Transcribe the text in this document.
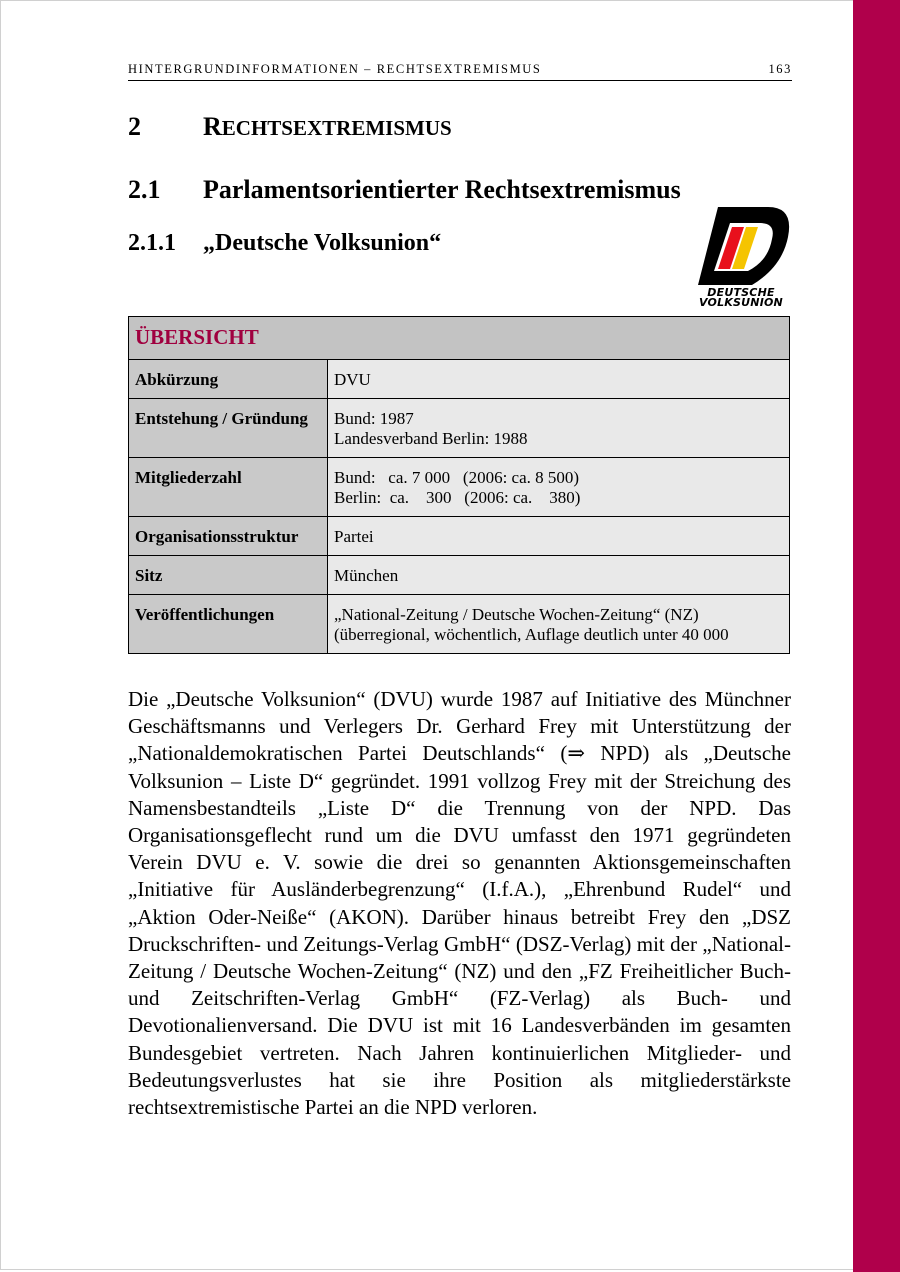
HINTERGRUNDINFORMATIONEN – RECHTSEXTREMISMUS	163
2	RECHTSEXTREMISMUS
2.1	Parlamentsorientierter Rechtsextremismus
2.1.1	„Deutsche Volksunion“
DEUTSCHE
VOLKSUNION
ÜBERSICHT	
Abkürzung	DVU

Entstehung / Gründung	Bund: 1987
Landesverband Berlin: 1988

Mitgliederzahl	Bund:   ca. 7 000   (2006: ca. 8 500)
Berlin:  ca.    300   (2006: ca.    380)

Organisationsstruktur	Partei

Sitz	München

Veröffentlichungen	„National-Zeitung / Deutsche Wochen-Zeitung“ (NZ)
(überregional, wöchentlich, Auflage deutlich unter 40 000
Die „Deutsche Volksunion“ (DVU) wurde 1987 auf Initiative des Münchner Geschäftsmanns und Verlegers Dr. Gerhard Frey mit Unterstützung der „Nationaldemokratischen Partei Deutschlands“ (⇒ NPD) als „Deutsche Volksunion – Liste D“ gegründet. 1991 vollzog Frey mit der Streichung des Namensbestandteils „Liste D“ die Trennung von der NPD. Das Organisationsgeflecht rund um die DVU umfasst den 1971 gegründeten Verein DVU e. V. sowie die drei so genannten Aktionsgemeinschaften „Initiative für Ausländerbegrenzung“ (I.f.A.), „Ehrenbund Rudel“ und „Aktion Oder-Neiße“ (AKON). Darüber hinaus betreibt Frey den „DSZ Druckschriften- und Zeitungs-Verlag GmbH“ (DSZ-Verlag) mit der „National-Zeitung / Deutsche Wochen-Zeitung“ (NZ) und den „FZ Freiheitlicher Buch- und Zeitschriften-Verlag GmbH“ (FZ-Verlag) als Buch- und Devotionalienversand. Die DVU ist mit 16 Landesverbänden im gesamten Bundesgebiet vertreten. Nach Jahren kontinuierlichen Mitglieder- und Bedeutungsverlustes hat sie ihre Position als mitgliederstärkste rechtsextremistische Partei an die NPD verloren.
